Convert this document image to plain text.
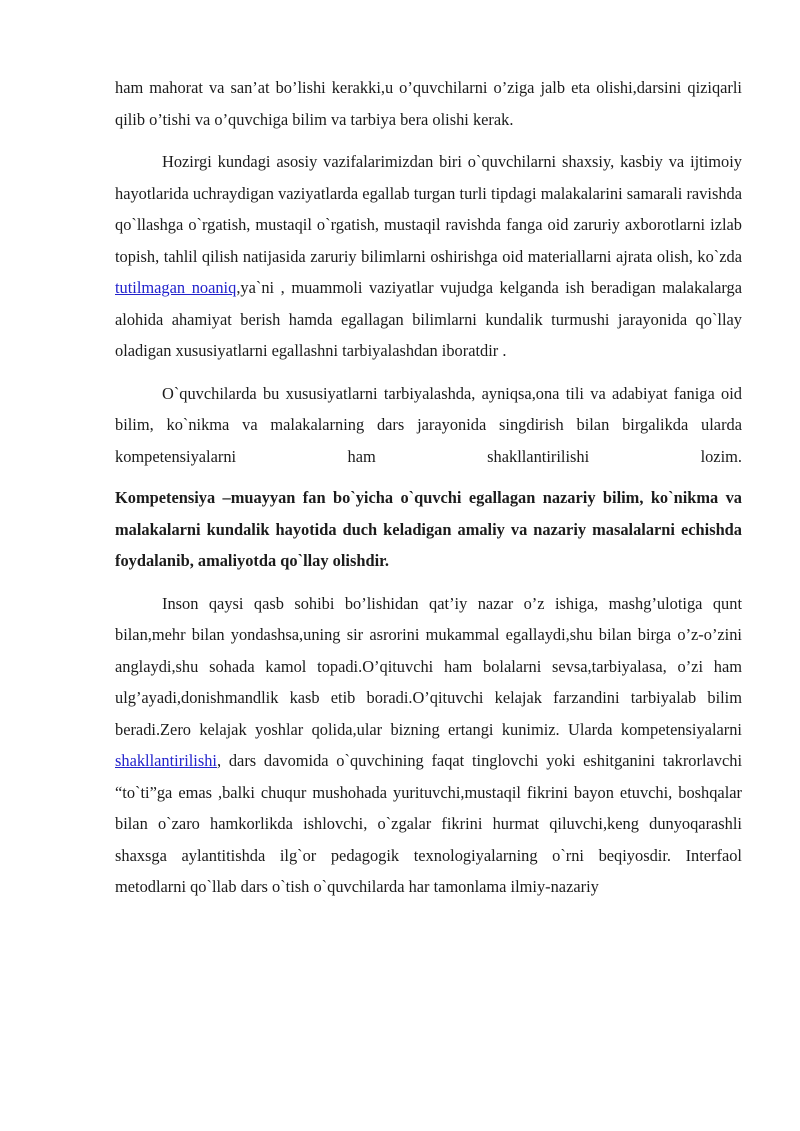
ham mahorat va san’at bo’lishi kerakki,u o’quvchilarni o’ziga jalb eta olishi,darsini qiziqarli qilib o’tishi va o’quvchiga bilim va tarbiya bera olishi kerak.

Hozirgi kundagi asosiy vazifalarimizdan biri o`quvchilarni shaxsiy, kasbiy va ijtimoiy hayotlarida uchraydigan vaziyatlarda egallab turgan turli tipdagi malakalarini samarali ravishda qo`llashga o`rgatish, mustaqil o`rgatish, mustaqil ravishda fanga oid zaruriy axborotlarni izlab topish, tahlil qilish natijasida zaruriy bilimlarni oshirishga oid materiallarni ajrata olish, ko`zda tutilmagan noaniq,ya`ni , muammoli vaziyatlar vujudga kelganda ish beradigan malakalarga alohida ahamiyat berish hamda egallagan bilimlarni kundalik turmushi jarayonida qo`llay oladigan xususiyatlarni egallashni tarbiyalashdan iboratdir .

O`quvchilarda bu xususiyatlarni tarbiyalashda, ayniqsa,ona tili va adabiyat faniga oid bilim, ko`nikma va malakalarning dars jarayonida singdirish bilan birgalikda ularda kompetensiyalarni ham shakllantirilishi lozim.

Kompetensiya –muayyan fan bo`yicha o`quvchi egallagan nazariy bilim, ko`nikma va malakalarni kundalik hayotida duch keladigan amaliy va nazariy masalalarni echishda foydalanib, amaliyotda qo`llay olishdir.

Inson qaysi qasb sohibi bo’lishidan qat’iy nazar o’z ishiga, mashg’ulotiga qunt bilan,mehr bilan yondashsa,uning sir asrorini mukammal egallaydi,shu bilan birga o’z-o’zini anglaydi,shu sohada kamol topadi.O’qituvchi ham bolalarni sevsa,tarbiyalasa, o’zi ham ulg’ayadi,donishmandlik kasb etib boradi.O’qituvchi kelajak farzandini tarbiyalab bilim beradi.Zero kelajak yoshlar qolida,ular bizning ertangi kunimiz. Ularda kompetensiyalarni shakllantirilishi, dars davomida o`quvchining faqat tinglovchi yoki eshitganini takrorlavchi “to`ti”ga emas ,balki chuqur mushohada yurituvchi,mustaqil fikrini bayon etuvchi, boshqalar bilan o`zaro hamkorlikda ishlovchi, o`zgalar fikrini hurmat qiluvchi,keng dunyoqarashli shaxsga aylantitishda ilg`or pedagogik texnologiyalarning o`rni beqiyosdir. Interfaol metodlarni qo`llab dars o`tish o`quvchilarda har tamonlama ilmiy-nazariy
